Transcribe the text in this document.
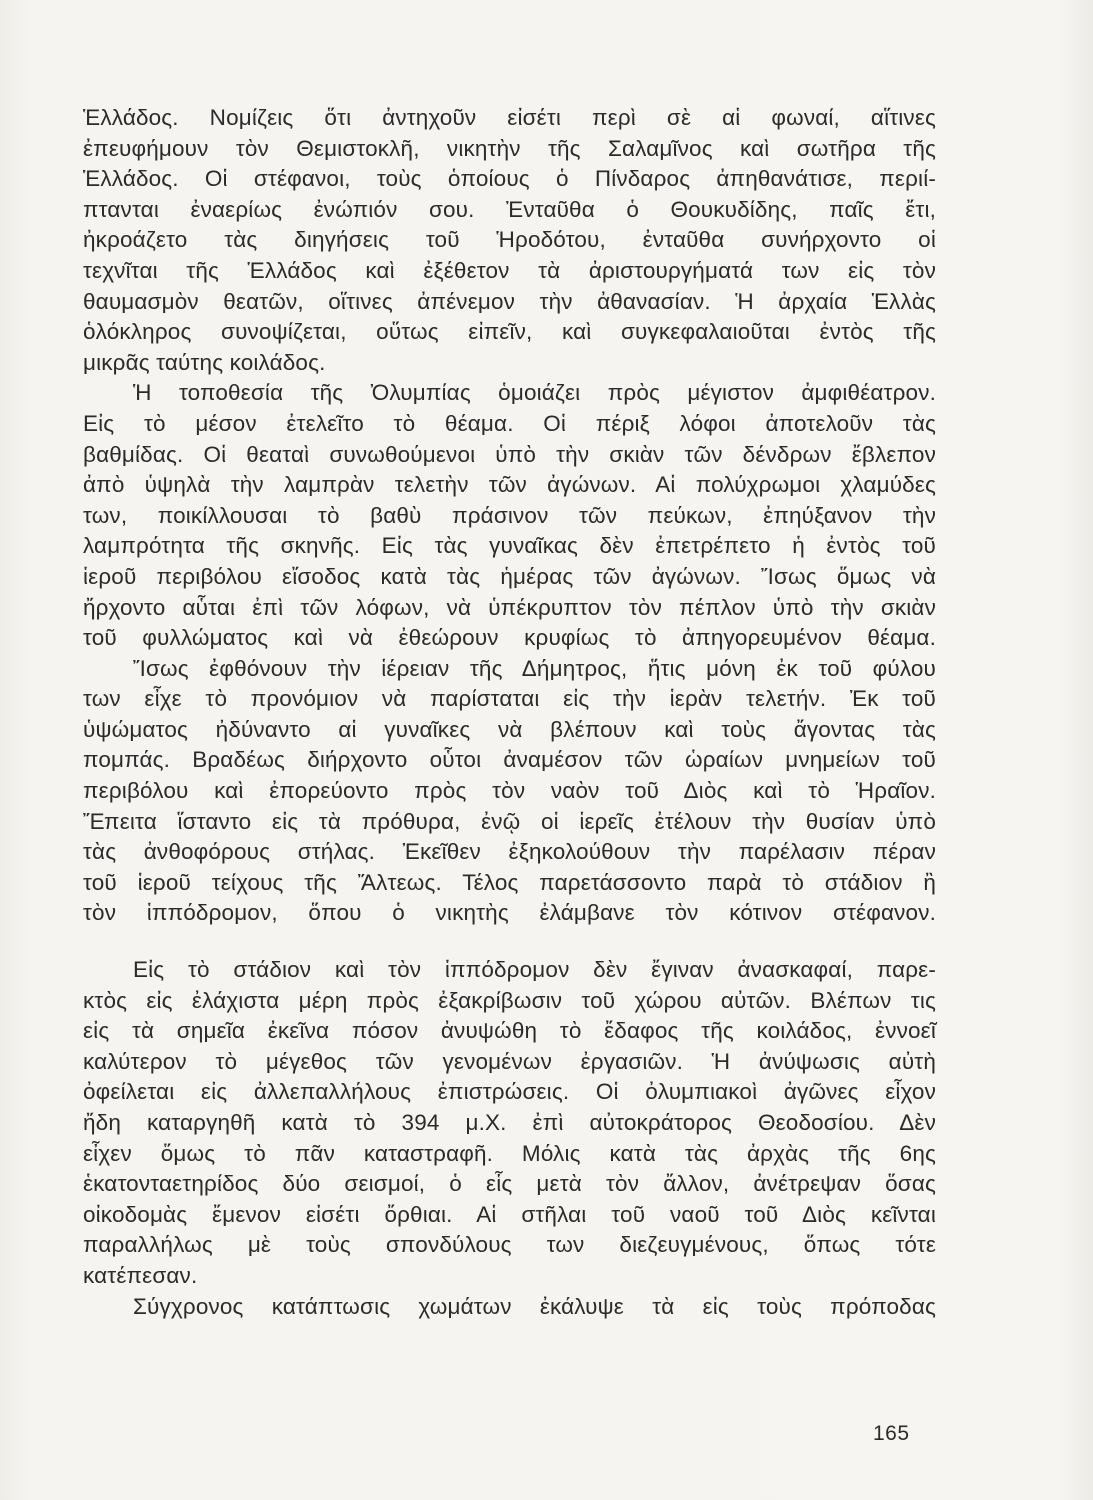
Ἑλλάδος. Νομίζεις ὅτι ἀντηχοῦν εἰσέτι περὶ σὲ αἱ φωναί, αἵτινες
ἐπευφήμουν τὸν Θεμιστοκλῆ, νικητὴν τῆς Σαλαμῖνος καὶ σωτῆρα τῆς
Ἑλλάδος. Οἱ στέφανοι, τοὺς ὁποίους ὁ Πίνδαρος ἀπηθανάτισε, περιί-
πτανται ἐναερίως ἐνώπιόν σου. Ἐνταῦθα ὁ Θουκυδίδης, παῖς ἔτι,
ἠκροάζετο τὰς διηγήσεις τοῦ Ἡροδότου, ἐνταῦθα συνήρχοντο οἱ
τεχνῖται τῆς Ἑλλάδος καὶ ἐξέθετον τὰ ἀριστουργήματά των εἰς τὸν
θαυμασμὸν θεατῶν, οἵτινες ἀπένεμον τὴν ἀθανασίαν. Ἡ ἀρχαία Ἑλλὰς
ὁλόκληρος συνοψίζεται, οὕτως εἰπεῖν, καὶ συγκεφαλαιοῦται ἐντὸς τῆς
μικρᾶς ταύτης κοιλάδος.
Ἡ τοποθεσία τῆς Ὀλυμπίας ὁμοιάζει πρὸς μέγιστον ἀμφιθέατρον.
Εἰς τὸ μέσον ἐτελεῖτο τὸ θέαμα. Οἱ πέριξ λόφοι ἀποτελοῦν τὰς
βαθμίδας. Οἱ θεαταὶ συνωθούμενοι ὑπὸ τὴν σκιὰν τῶν δένδρων ἔβλεπον
ἀπὸ ὑψηλὰ τὴν λαμπρὰν τελετὴν τῶν ἀγώνων. Αἱ πολύχρωμοι χλαμύδες
των, ποικίλλουσαι τὸ βαθὺ πράσινον τῶν πεύκων, ἐπηύξανον τὴν
λαμπρότητα τῆς σκηνῆς. Εἰς τὰς γυναῖκας δὲν ἐπετρέπετο ἡ ἐντὸς τοῦ
ἱεροῦ περιβόλου εἴσοδος κατὰ τὰς ἡμέρας τῶν ἀγώνων. Ἴσως ὅμως νὰ
ἤρχοντο αὗται ἐπὶ τῶν λόφων, νὰ ὑπέκρυπτον τὸν πέπλον ὑπὸ τὴν σκιὰν
τοῦ φυλλώματος καὶ νὰ ἐθεώρουν κρυφίως τὸ ἀπηγορευμένον θέαμα.
Ἴσως ἐφθόνουν τὴν ἱέρειαν τῆς Δήμητρος, ἥτις μόνη ἐκ τοῦ φύλου
των εἶχε τὸ προνόμιον νὰ παρίσταται εἰς τὴν ἱερὰν τελετήν. Ἐκ τοῦ
ὑψώματος ἠδύναντο αἱ γυναῖκες νὰ βλέπουν καὶ τοὺς ἄγοντας τὰς
πομπάς. Βραδέως διήρχοντο οὗτοι ἀναμέσον τῶν ὡραίων μνημείων τοῦ
περιβόλου καὶ ἐπορεύοντο πρὸς τὸν ναὸν τοῦ Διὸς καὶ τὸ Ἡραῖον.
Ἔπειτα ἵσταντο εἰς τὰ πρόθυρα, ἐνῷ οἱ ἱερεῖς ἐτέλουν τὴν θυσίαν ὑπὸ
τὰς ἀνθοφόρους στήλας. Ἐκεῖθεν ἐξηκολούθουν τὴν παρέλασιν πέραν
τοῦ ἱεροῦ τείχους τῆς Ἄλτεως. Τέλος παρετάσσοντο παρὰ τὸ στάδιον ἢ
τὸν ἱππόδρομον, ὅπου ὁ νικητὴς ἐλάμβανε τὸν κότινον στέφανον.
Εἰς τὸ στάδιον καὶ τὸν ἱππόδρομον δὲν ἔγιναν ἀνασκαφαί, παρε-
κτὸς εἰς ἐλάχιστα μέρη πρὸς ἐξακρίβωσιν τοῦ χώρου αὐτῶν. Βλέπων τις
εἰς τὰ σημεῖα ἐκεῖνα πόσον ἀνυψώθη τὸ ἔδαφος τῆς κοιλάδος, ἐννοεῖ
καλύτερον τὸ μέγεθος τῶν γενομένων ἐργασιῶν. Ἡ ἀνύψωσις αὐτὴ
ὀφείλεται εἰς ἀλλεπαλλήλους ἐπιστρώσεις. Οἱ ὀλυμπιακοὶ ἀγῶνες εἶχον
ἤδη καταργηθῆ κατὰ τὸ 394 μ.Χ. ἐπὶ αὐτοκράτορος Θεοδοσίου. Δὲν
εἶχεν ὅμως τὸ πᾶν καταστραφῆ. Μόλις κατὰ τὰς ἀρχὰς τῆς 6ης
ἑκατονταετηρίδος δύο σεισμοί, ὁ εἷς μετὰ τὸν ἄλλον, ἀνέτρεψαν ὅσας
οἰκοδομὰς ἔμενον εἰσέτι ὄρθιαι. Αἱ στῆλαι τοῦ ναοῦ τοῦ Διὸς κεῖνται
παραλλήλως μὲ τοὺς σπονδύλους των διεζευγμένους, ὅπως τότε
κατέπεσαν.
Σύγχρονος κατάπτωσις χωμάτων ἐκάλυψε τὰ εἰς τοὺς πρόποδας
165
